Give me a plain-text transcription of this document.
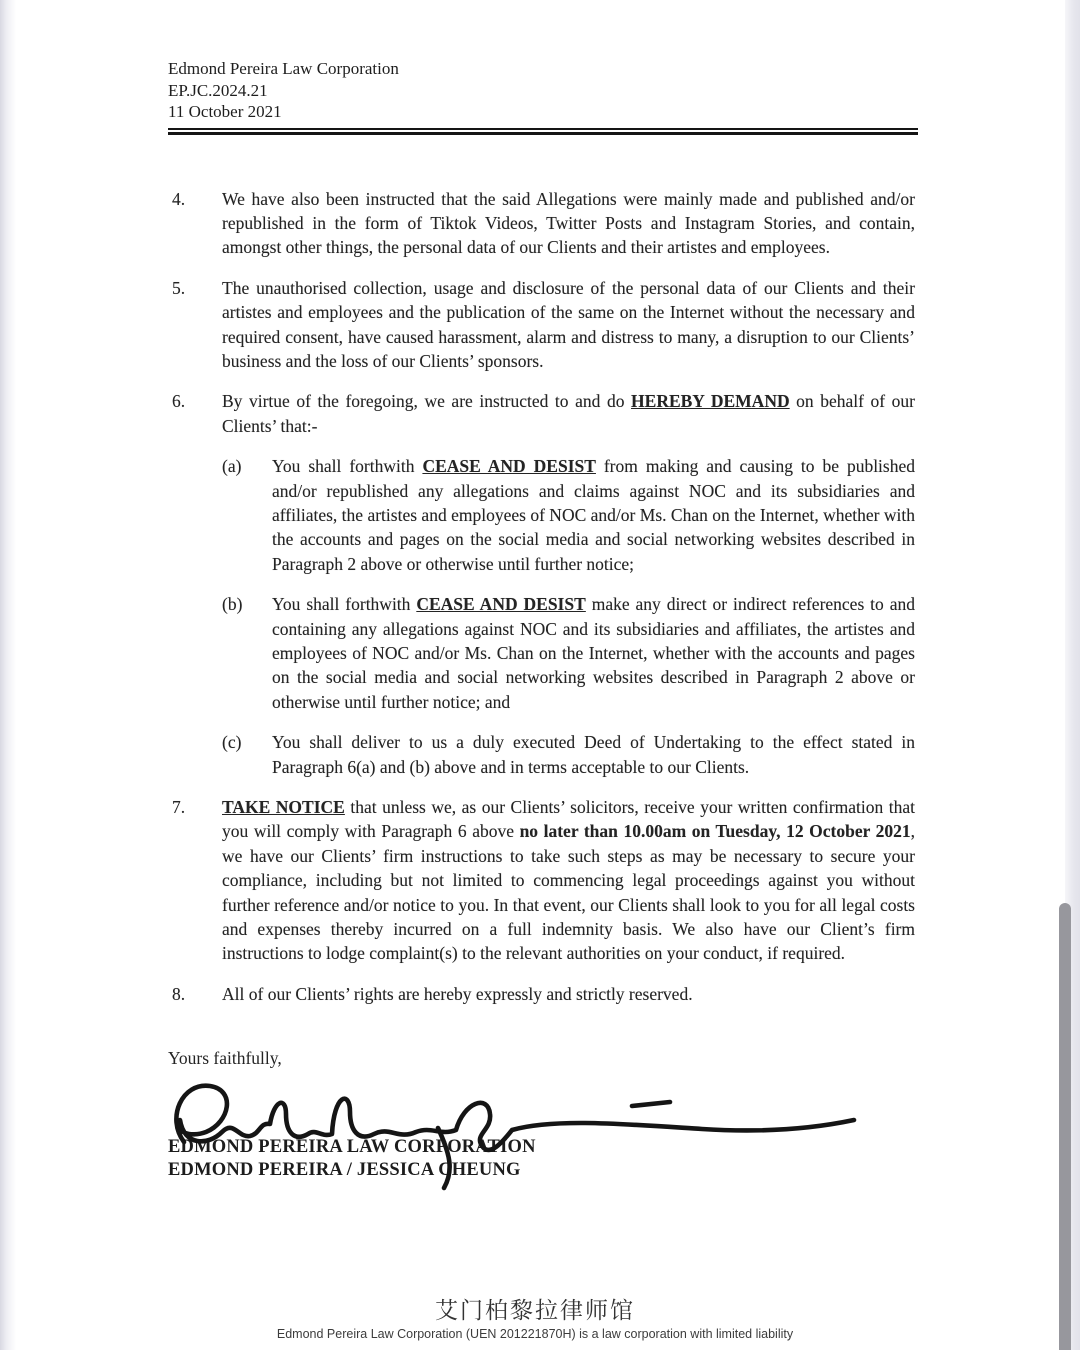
Edmond Pereira Law Corporation
EP.JC.2024.21
11 October 2021
4.	We have also been instructed that the said Allegations were mainly made and published and/or republished in the form of Tiktok Videos, Twitter Posts and Instagram Stories, and contain, amongst other things, the personal data of our Clients and their artistes and employees.
5.	The unauthorised collection, usage and disclosure of the personal data of our Clients and their artistes and employees and the publication of the same on the Internet without the necessary and required consent, have caused harassment, alarm and distress to many, a disruption to our Clients’ business and the loss of our Clients’ sponsors.
6.	By virtue of the foregoing, we are instructed to and do HEREBY DEMAND on behalf of our Clients’ that:-
(a)	You shall forthwith CEASE AND DESIST from making and causing to be published and/or republished any allegations and claims against NOC and its subsidiaries and affiliates, the artistes and employees of NOC and/or Ms. Chan on the Internet, whether with the accounts and pages on the social media and social networking websites described in Paragraph 2 above or otherwise until further notice;
(b)	You shall forthwith CEASE AND DESIST make any direct or indirect references to and containing any allegations against NOC and its subsidiaries and affiliates, the artistes and employees of NOC and/or Ms. Chan on the Internet, whether with the accounts and pages on the social media and social networking websites described in Paragraph 2 above or otherwise until further notice; and
(c)	You shall deliver to us a duly executed Deed of Undertaking to the effect stated in Paragraph 6(a) and (b) above and in terms acceptable to our Clients.
7.	TAKE NOTICE that unless we, as our Clients’ solicitors, receive your written confirmation that you will comply with Paragraph 6 above no later than 10.00am on Tuesday, 12 October 2021, we have our Clients’ firm instructions to take such steps as may be necessary to secure your compliance, including but not limited to commencing legal proceedings against you without further reference and/or notice to you. In that event, our Clients shall look to you for all legal costs and expenses thereby incurred on a full indemnity basis. We also have our Client’s firm instructions to lodge complaint(s) to the relevant authorities on your conduct, if required.
8.	All of our Clients’ rights are hereby expressly and strictly reserved.
Yours faithfully,
EDMOND PEREIRA LAW CORPORATION
EDMOND PEREIRA / JESSICA CHEUNG
艾门柏黎拉律师馆
Edmond Pereira Law Corporation (UEN 201221870H) is a law corporation with limited liability
